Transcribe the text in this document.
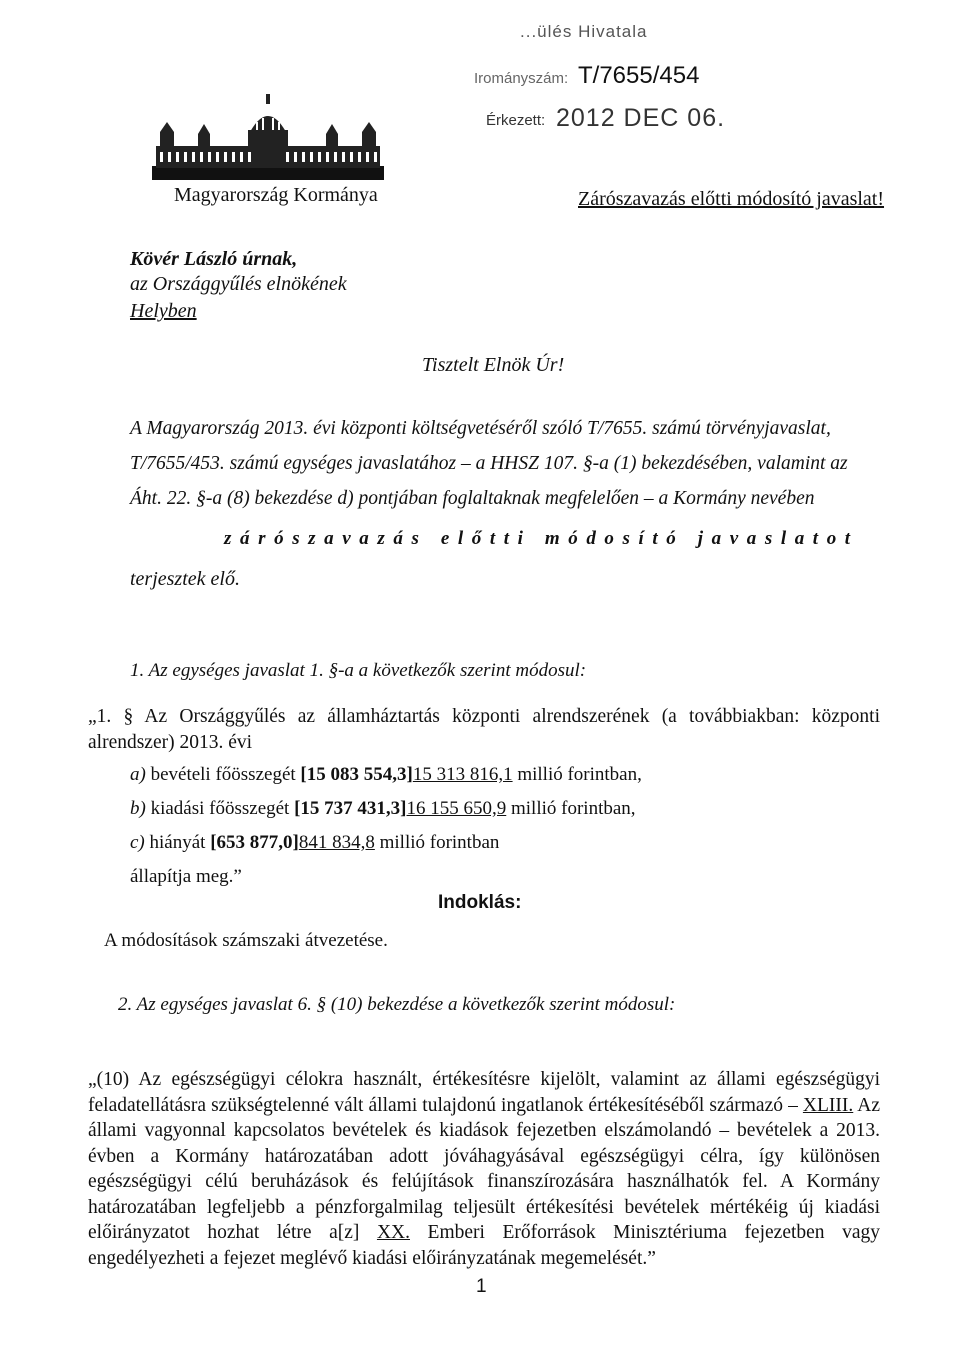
...ülés Hivatala
Irományszám: T/7655/454
Érkezett: 2012 DEC 06.
Magyarország Kormánya	Zárószavazás előtti módosító javaslat!
Kövér László úrnak,
az Országgyűlés elnökének
Helyben
Tisztelt Elnök Úr!
A Magyarország 2013. évi központi költségvetéséről szóló T/7655. számú törvényjavaslat,
T/7655/453. számú egységes javaslatához – a HHSZ 107. §-a (1) bekezdésében, valamint az
Áht. 22. §-a (8) bekezdése d) pontjában foglaltaknak megfelelően – a Kormány nevében
zárószavazás előtti módosító javaslatot
terjesztek elő.
1. Az egységes javaslat 1. §-a a következők szerint módosul:
„1. § Az Országgyűlés az államháztartás központi alrendszerének (a továbbiakban: központi alrendszer) 2013. évi
a) bevételi főösszegét [15 083 554,3]15 313 816,1 millió forintban,
b) kiadási főösszegét [15 737 431,3]16 155 650,9 millió forintban,
c) hiányát [653 877,0]841 834,8 millió forintban
állapítja meg.”
Indoklás:
A módosítások számszaki átvezetése.
2. Az egységes javaslat 6. § (10) bekezdése a következők szerint módosul:
„(10) Az egészségügyi célokra használt, értékesítésre kijelölt, valamint az állami egészségügyi feladatellátásra szükségtelenné vált állami tulajdonú ingatlanok értékesítéséből származó – XLIII. Az állami vagyonnal kapcsolatos bevételek és kiadások fejezetben elszámolandó – bevételek a 2013. évben a Kormány határozatában adott jóváhagyásával egészségügyi célra, így különösen egészségügyi célú beruházások és felújítások finanszírozására használhatók fel. A Kormány határozatában legfeljebb a pénzforgalmilag teljesült értékesítési bevételek mértékéig új kiadási előirányzatot hozhat létre a[z] XX. Emberi Erőforrások Minisztériuma fejezetben vagy engedélyezheti a fejezet meglévő kiadási előirányzatának megemelését.”
1
